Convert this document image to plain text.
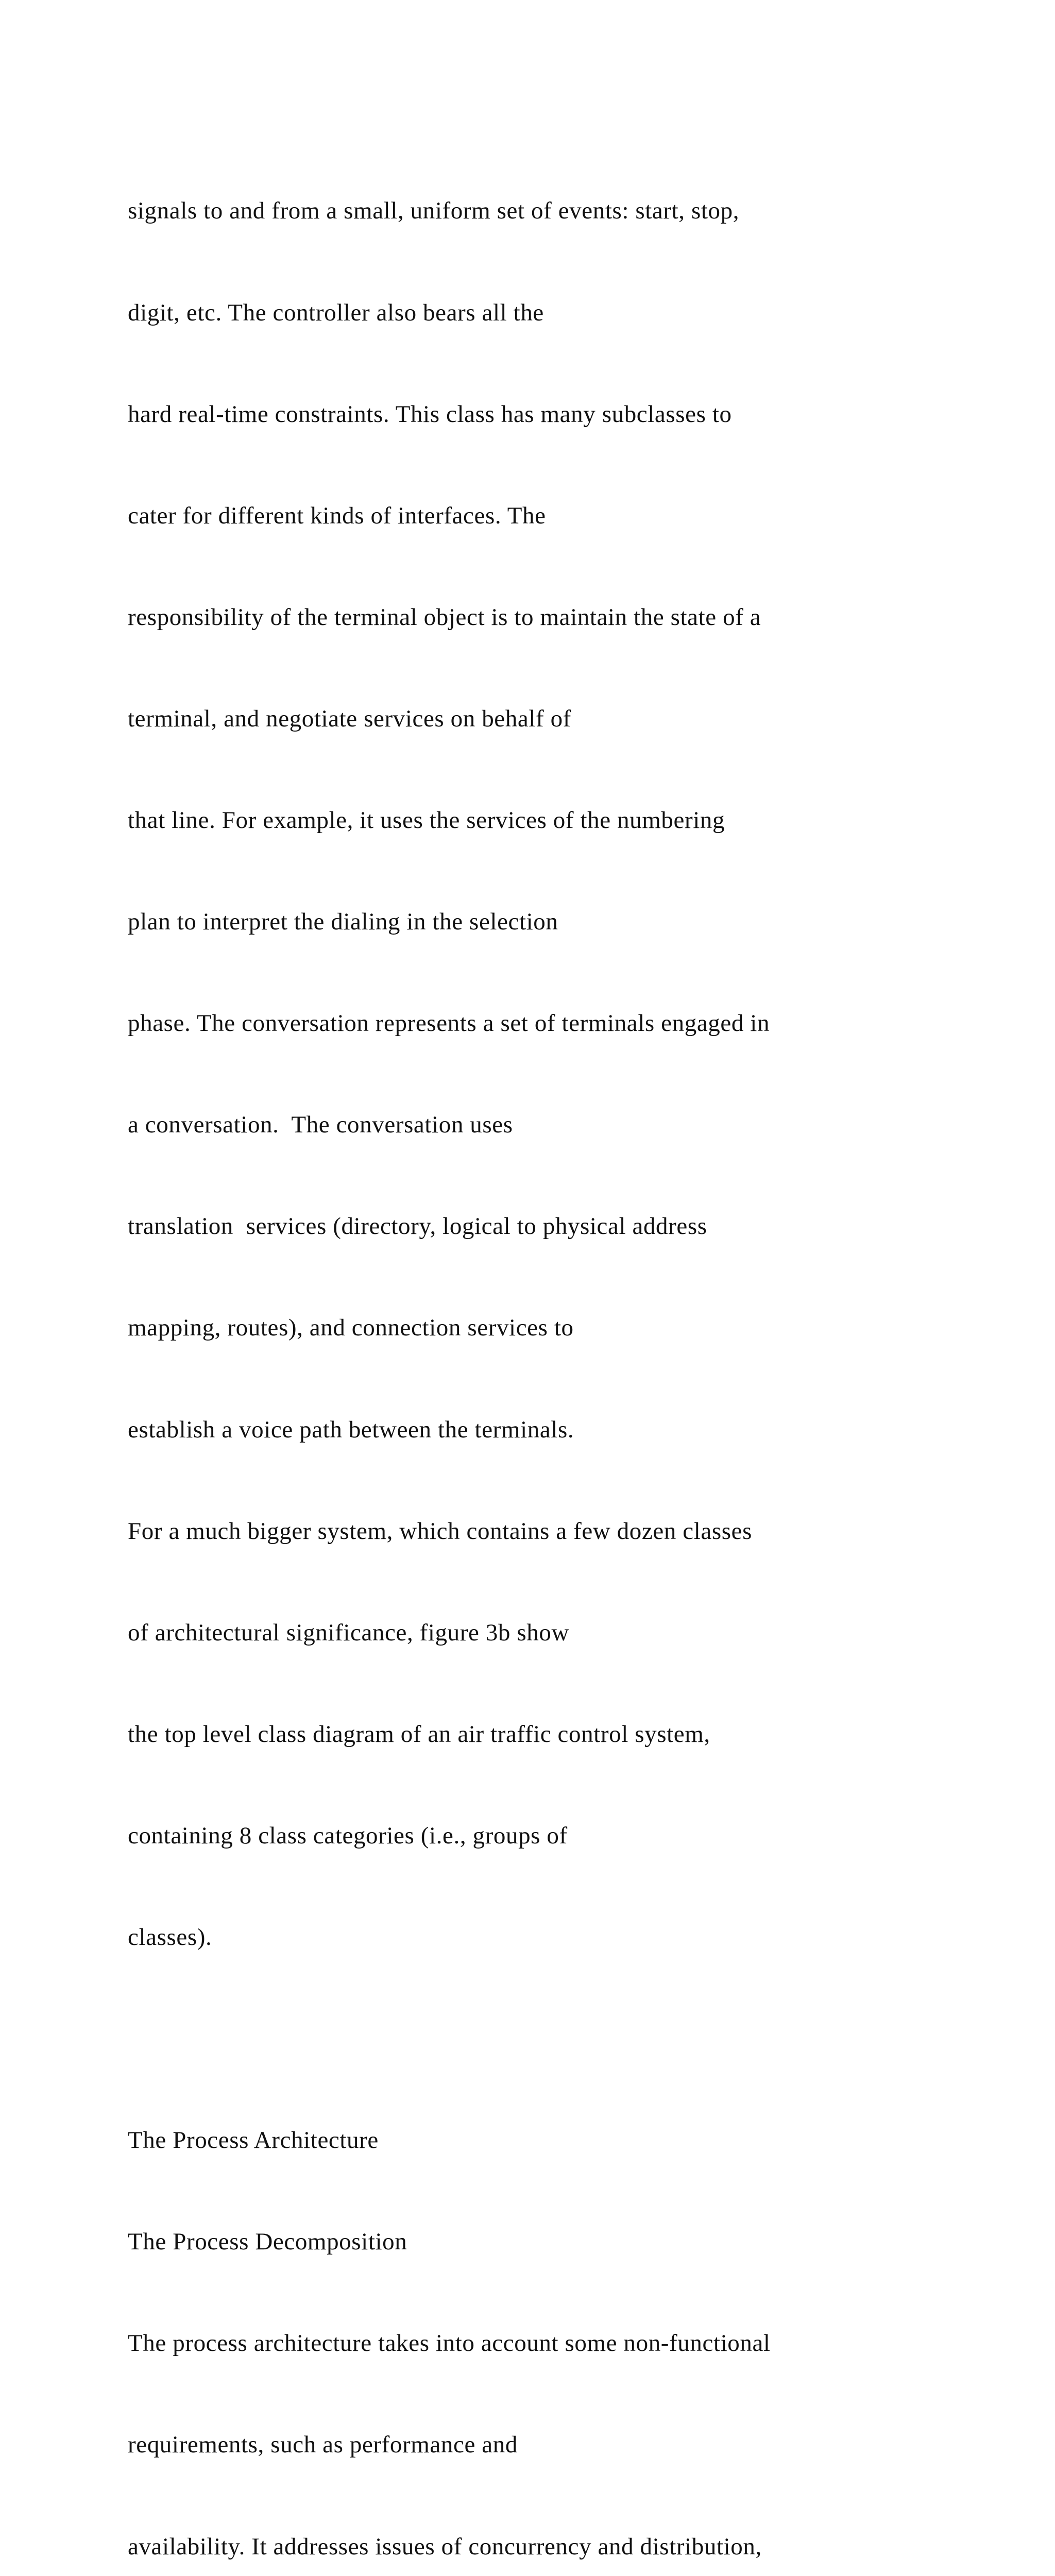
signals to and from a small, uniform set of events: start, stop,

digit, etc. The controller also bears all the

hard real-time constraints. This class has many subclasses to

cater for different kinds of interfaces. The

responsibility of the terminal object is to maintain the state of a

terminal, and negotiate services on behalf of

that line. For example, it uses the services of the numbering

plan to interpret the dialing in the selection

phase. The conversation represents a set of terminals engaged in

a conversation.  The conversation uses

translation  services (directory, logical to physical address

mapping, routes), and connection services to

establish a voice path between the terminals.

For a much bigger system, which contains a few dozen classes

of architectural significance, figure 3b show

the top level class diagram of an air traffic control system,

containing 8 class categories (i.e., groups of

classes).

The Process Architecture

The Process Decomposition

The process architecture takes into account some non-functional

requirements, such as performance and

availability. It addresses issues of concurrency and distribution,
